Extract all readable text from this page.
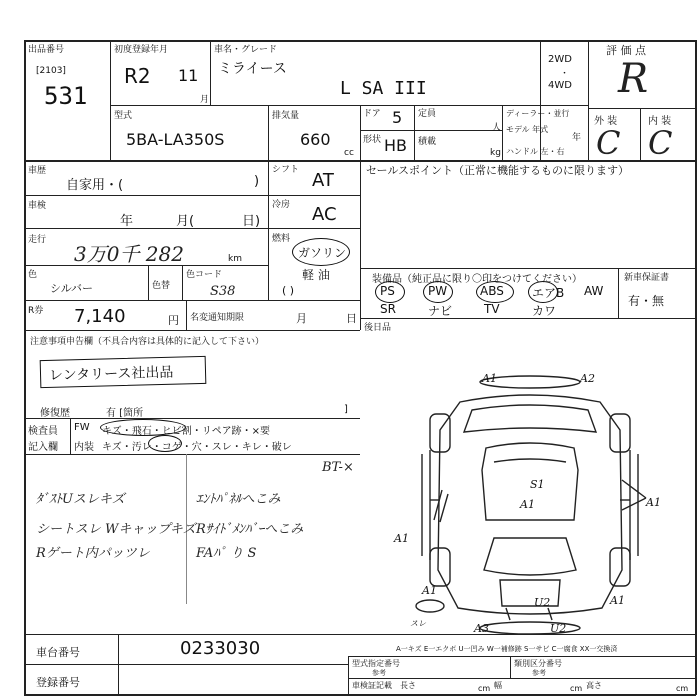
出品番号
[2103]
531
初度登録年月
R2 11
月
車名・グレード
ミライース
L SA III
2WD
・
4WD
評 価 点
R
外 装	内 装
C C
型式
5BA-LA350S
排気量
660
cc
ドア 5 定員
人
形状 HB 積載
kg
ディーラー・並行
モデル 年式
年
ハンドル 左・右
車歴
自家用・(	)
シフト AT	セールスポイント（正常に機能するものに限ります）
車検
年	月(	日)
冷房 AC
走行
3万0千 282	km
燃料
ガソリン
軽 油
( )
色
シルバー	色替
色コード
S38
装備品（純正品に限り〇印をつけてください）
PS	PW	ABS エアB AW
SR	ナビ	TV	カワ
新車保証書
有・無
R券 7,140	円 名変通知期限	月	日
後日品
注意事項申告欄（不具合内容は具体的に記入して下さい）
レンタリース社出品
修復歴	有 [箇所	]
検査員
記入欄
FW キズ・飛石・ヒビ割・リペア跡・×要
内装 キズ・汚レ・コゲ・穴・スレ・キレ・破レ
BT-×
ﾀﾞｽﾄUスレキズ	ｴﾝﾄﾊﾟﾈﾙへこみ
シートスレ Wキャップキズ Rｻｲﾄﾞﾒﾝﾊﾞｰへこみ
Rゲート内パッツレ	FAﾊﾟ り S
A1	A2
S1
A1
A1
A1
A1
U2
A3	U2
スレ
A1
A一キズ E一エクボ U一凹み W一補修跡 S一サビ C一腐食 XX一交換済
車台番号	0233030
登録番号
型式指定番号
参考
類別区分番号
参考
車検証記載 長さ	cm 幅	cm 高さ	cm
